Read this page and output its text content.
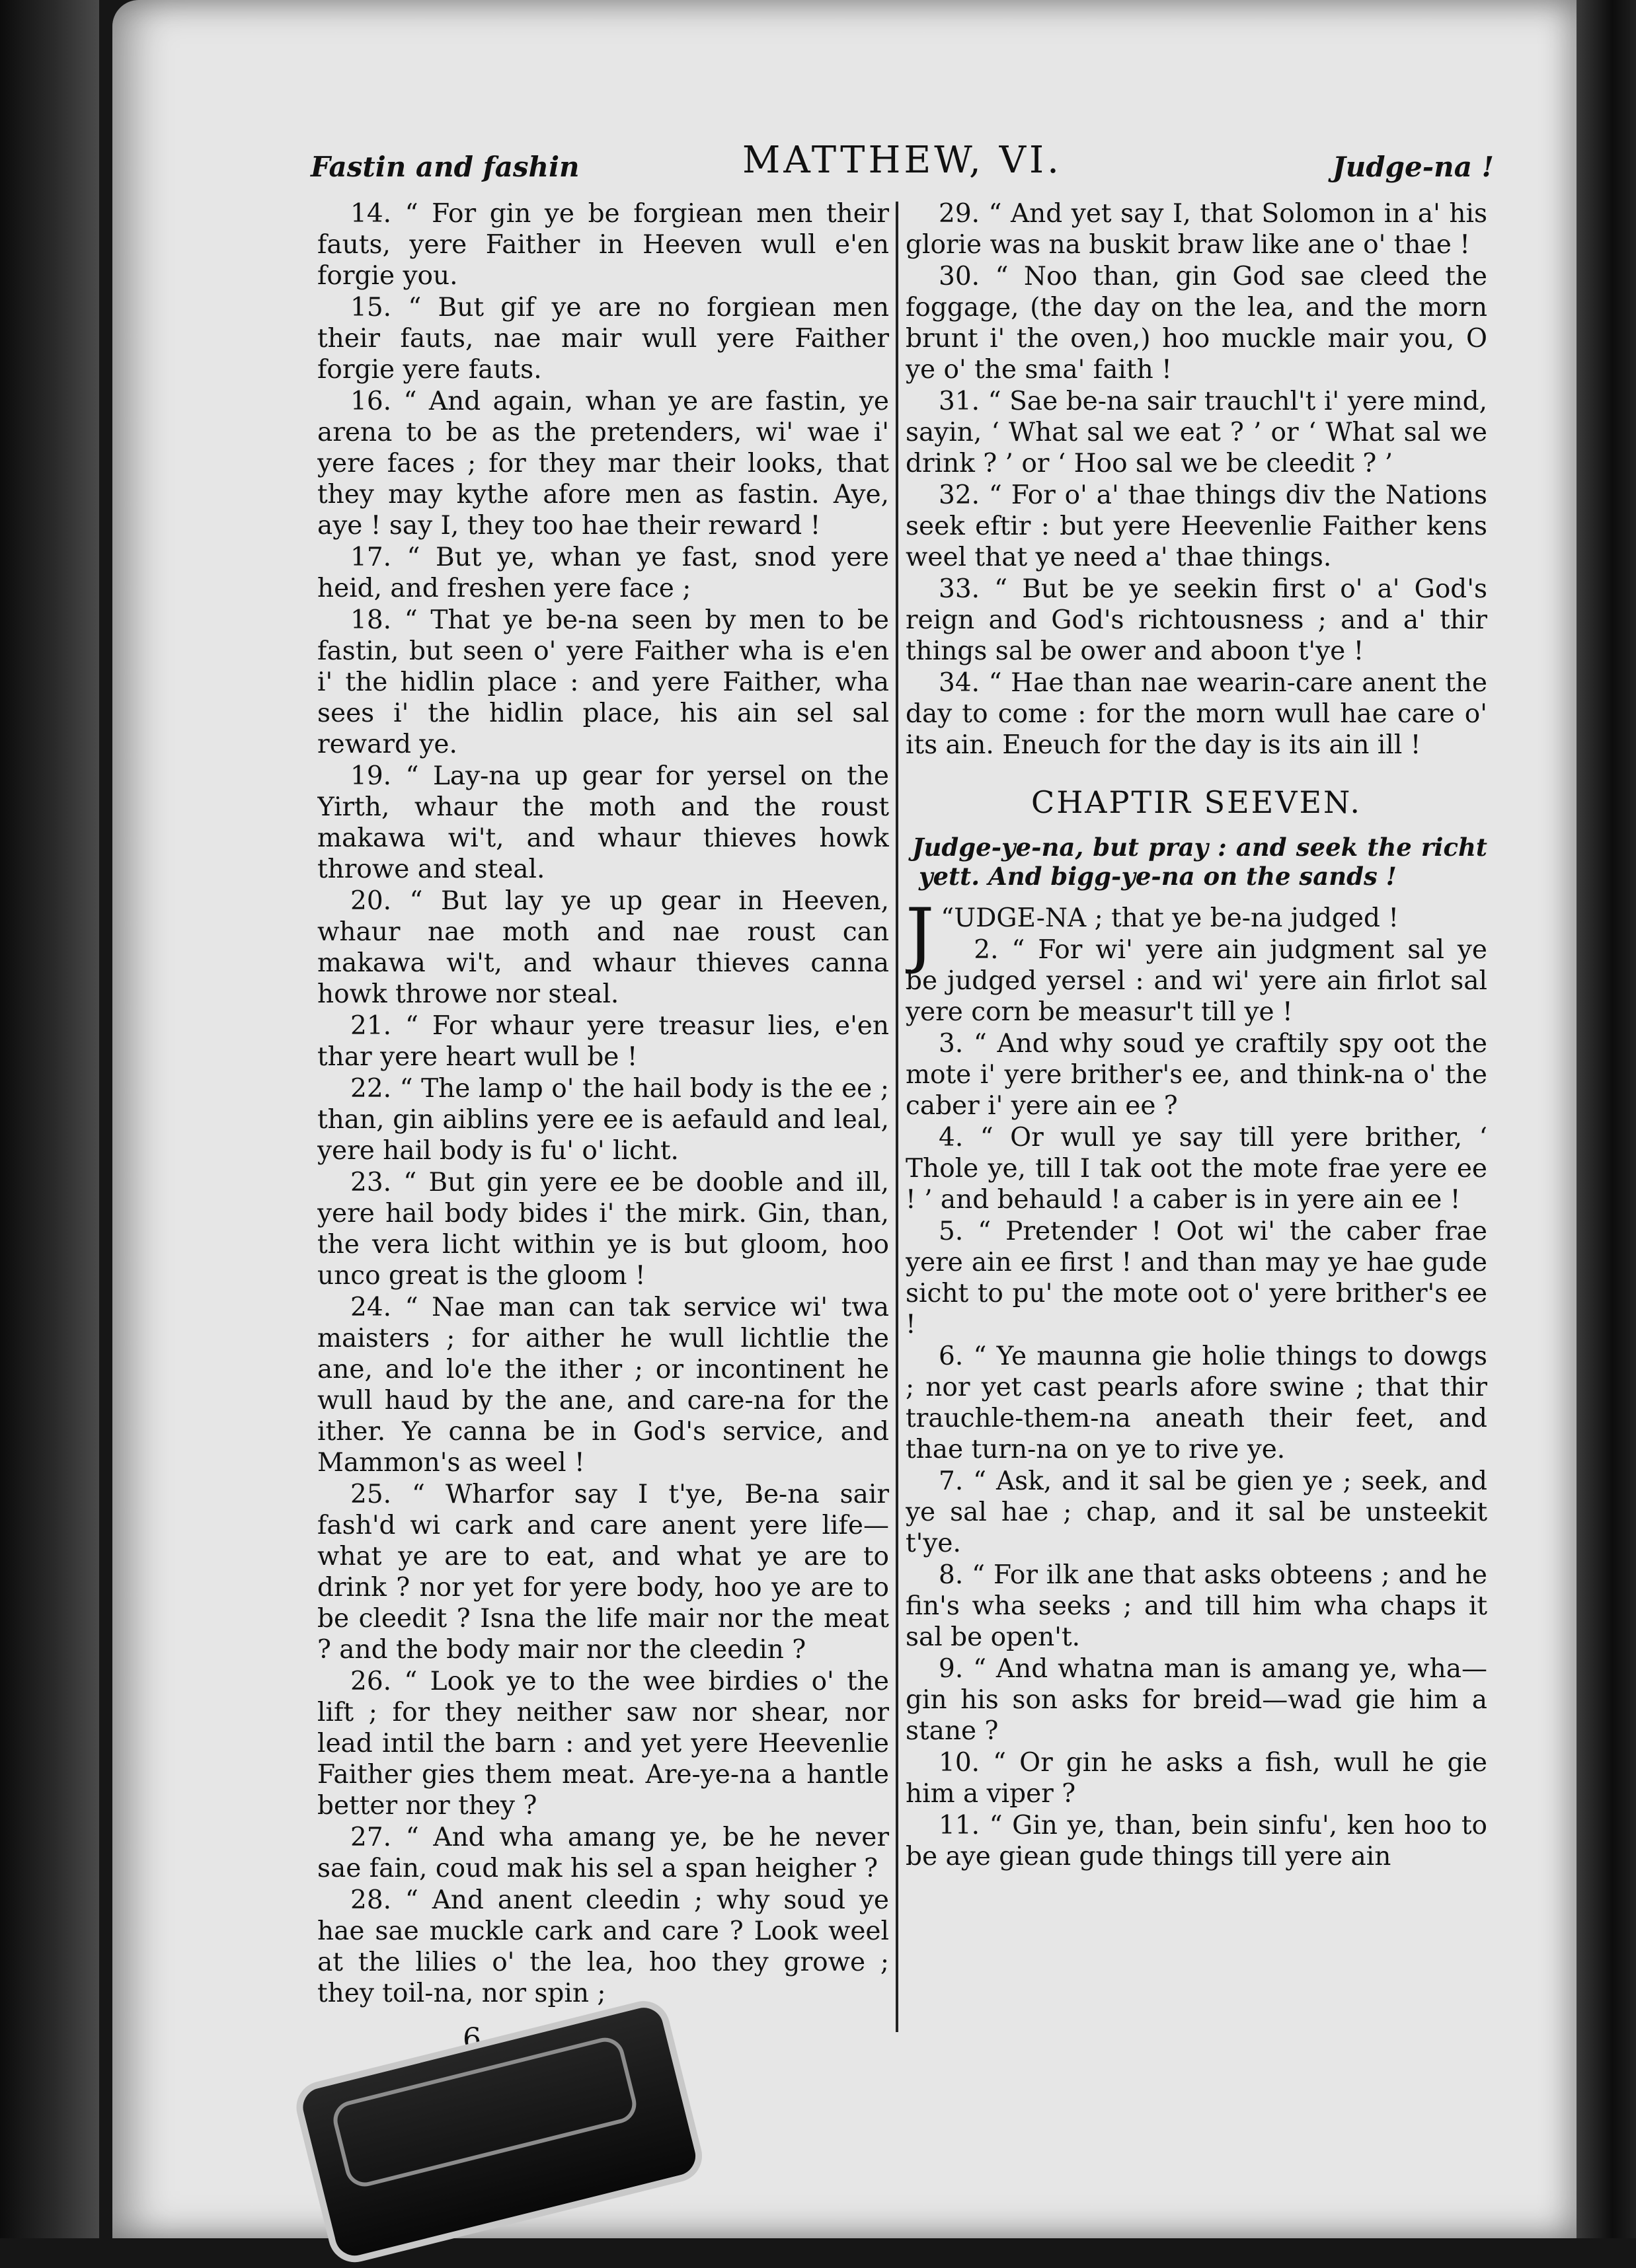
Fastin and fashin	MATTHEW, VI.	Judge-na !

14. “ For gin ye be forgiean men their fauts, yere Faither in Heeven wull e'en forgie you.

15. “ But gif ye are no forgiean men their fauts, nae mair wull yere Faither forgie yere fauts.

16. “ And again, whan ye are fastin, ye arena to be as the pretenders, wi' wae i' yere faces ; for they mar their looks, that they may kythe afore men as fastin. Aye, aye ! say I, they too hae their reward !

17. “ But ye, whan ye fast, snod yere heid, and freshen yere face ;

18. “ That ye be-na seen by men to be fastin, but seen o' yere Faither wha is e'en i' the hidlin place : and yere Faither, wha sees i' the hidlin place, his ain sel sal reward ye.

19. “ Lay-na up gear for yersel on the Yirth, whaur the moth and the roust makawa wi't, and whaur thieves howk throwe and steal.

20. “ But lay ye up gear in Heeven, whaur nae moth and nae roust can makawa wi't, and whaur thieves canna howk throwe nor steal.

21. “ For whaur yere treasur lies, e'en thar yere heart wull be !

22. “ The lamp o' the hail body is the ee ; than, gin aiblins yere ee is aefauld and leal, yere hail body is fu' o' licht.

23. “ But gin yere ee be dooble and ill, yere hail body bides i' the mirk. Gin, than, the vera licht within ye is but gloom, hoo unco great is the gloom !

24. “ Nae man can tak service wi' twa maisters ; for aither he wull lichtlie the ane, and lo'e the ither ; or incontinent he wull haud by the ane, and care-na for the ither. Ye canna be in God's service, and Mammon's as weel !

25. “ Wharfor say I t'ye, Be-na sair fash'd wi cark and care anent yere life— what ye are to eat, and what ye are to drink ? nor yet for yere body, hoo ye are to be cleedit ? Isna the life mair nor the meat ? and the body mair nor the cleedin ?

26. “ Look ye to the wee birdies o' the lift ; for they neither saw nor shear, nor lead intil the barn : and yet yere Heevenlie Faither gies them meat. Are-ye-na a hantle better nor they ?

27. “ And wha amang ye, be he never sae fain, coud mak his sel a span heigher ?

28. “ And anent cleedin ; why soud ye hae sae muckle cark and care ? Look weel at the lilies o' the lea, hoo they growe ; they toil-na, nor spin ;

29. “ And yet say I, that Solomon in a' his glorie was na buskit braw like ane o' thae !

30. “ Noo than, gin God sae cleed the foggage, (the day on the lea, and the morn brunt i' the oven,) hoo muckle mair you, O ye o' the sma' faith !

31. “ Sae be-na sair trauchl't i' yere mind, sayin, ‘ What sal we eat ? ’ or ‘ What sal we drink ? ’ or ‘ Hoo sal we be cleedit ? ’

32. “ For o' a' thae things div the Nations seek eftir : but yere Heevenlie Faither kens weel that ye need a' thae things.

33. “ But be ye seekin first o' a' God's reign and God's richtousness ; and a' thir things sal be ower and aboon t'ye !

34. “ Hae than nae wearin-care anent the day to come : for the morn wull hae care o' its ain. Eneuch for the day is its ain ill !

CHAPTIR SEEVEN.
Judge-ye-na, but pray : and seek the richt yett. And bigg-ye-na on the sands !

“
J UDGE-NA ; that ye be-na judged !

2. “ For wi' yere ain judgment sal ye be judged yersel : and wi' yere ain firlot sal yere corn be measur't till ye !

3. “ And why soud ye craftily spy oot the mote i' yere brither's ee, and think-na o' the caber i' yere ain ee ?

4. “ Or wull ye say till yere brither, ‘ Thole ye, till I tak oot the mote frae yere ee ! ’ and behauld ! a caber is in yere ain ee !

5. “ Pretender ! Oot wi' the caber frae yere ain ee first ! and than may ye hae gude sicht to pu' the mote oot o' yere brither's ee !

6. “ Ye maunna gie holie things to dowgs ; nor yet cast pearls afore swine ; that thir trauchle-them-na aneath their feet, and thae turn-na on ye to rive ye.

7. “ Ask, and it sal be gien ye ; seek, and ye sal hae ; chap, and it sal be unsteekit t'ye.

8. “ For ilk ane that asks obteens ; and he fin's wha seeks ; and till him wha chaps it sal be open't.

9. “ And whatna man is amang ye, wha—gin his son asks for breid—wad gie him a stane ?

10. “ Or gin he asks a fish, wull he gie him a viper ?

11. “ Gin ye, than, bein sinfu', ken hoo to be aye giean gude things till yere ain

6
